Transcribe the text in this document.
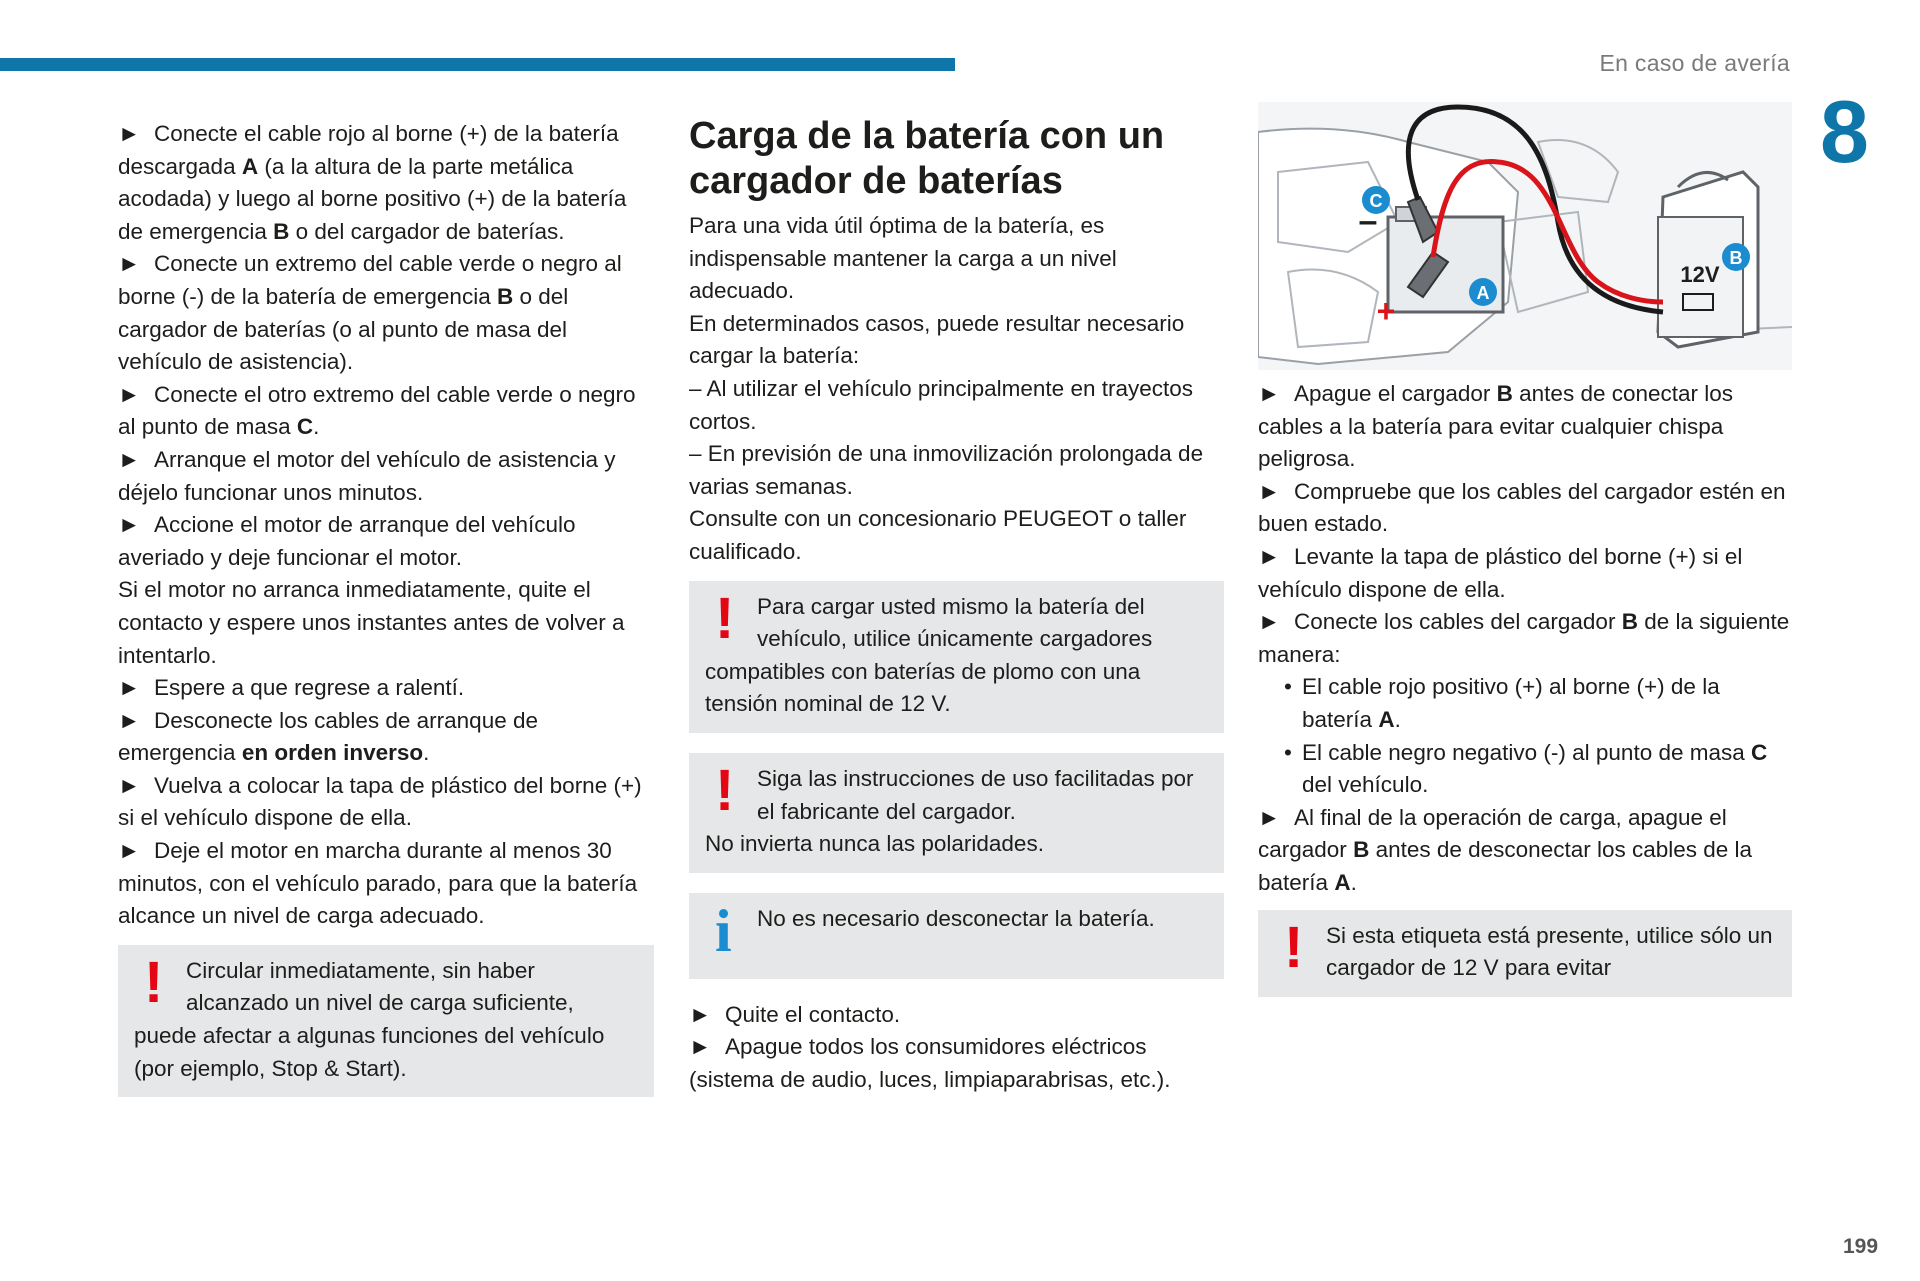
En caso de avería
8
199

► Conecte el cable rojo al borne (+) de la batería descargada A (a la altura de la parte metálica acodada) y luego al borne positivo (+) de la batería de emergencia B o del cargador de baterías.

► Conecte un extremo del cable verde o negro al borne (-) de la batería de emergencia B o del cargador de baterías (o al punto de masa del vehículo de asistencia).

► Conecte el otro extremo del cable verde o negro al punto de masa C.

► Arranque el motor del vehículo de asistencia y déjelo funcionar unos minutos.

► Accione el motor de arranque del vehículo averiado y deje funcionar el motor.

Si el motor no arranca inmediatamente, quite el contacto y espere unos instantes antes de volver a intentarlo.

► Espere a que regrese a ralentí.

► Desconecte los cables de arranque de emergencia en orden inverso.

► Vuelva a colocar la tapa de plástico del borne (+) si el vehículo dispone de ella.

► Deje el motor en marcha durante al menos 30 minutos, con el vehículo parado, para que la batería alcance un nivel de carga adecuado.

!	Circular inmediatamente, sin haber alcanzado un nivel de carga suficiente, puede afectar a algunas funciones del vehículo (por ejemplo, Stop & Start).

Carga de la batería con un cargador de baterías

Para una vida útil óptima de la batería, es indispensable mantener la carga a un nivel adecuado.

En determinados casos, puede resultar necesario cargar la batería:

– Al utilizar el vehículo principalmente en trayectos cortos.

– En previsión de una inmovilización prolongada de varias semanas.

Consulte con un concesionario PEUGEOT o taller cualificado.

!	Para cargar usted mismo la batería del vehículo, utilice únicamente cargadores compatibles con baterías de plomo con una tensión nominal de 12 V.

!	Siga las instrucciones de uso facilitadas por el fabricante del cargador.

No invierta nunca las polaridades.

i	No es necesario desconectar la batería.

► Quite el contacto.

► Apague todos los consumidores eléctricos (sistema de audio, luces, limpiaparabrisas, etc.).

12V
C
A
B
–
+

► Apague el cargador B antes de conectar los cables a la batería para evitar cualquier chispa peligrosa.

► Compruebe que los cables del cargador estén en buen estado.

► Levante la tapa de plástico del borne (+) si el vehículo dispone de ella.

► Conecte los cables del cargador B de la siguiente manera:

• El cable rojo positivo (+) al borne (+) de la batería A.
• El cable negro negativo (-) al punto de masa C del vehículo.

► Al final de la operación de carga, apague el cargador B antes de desconectar los cables de la batería A.

!	Si esta etiqueta está presente, utilice sólo un cargador de 12 V para evitar
